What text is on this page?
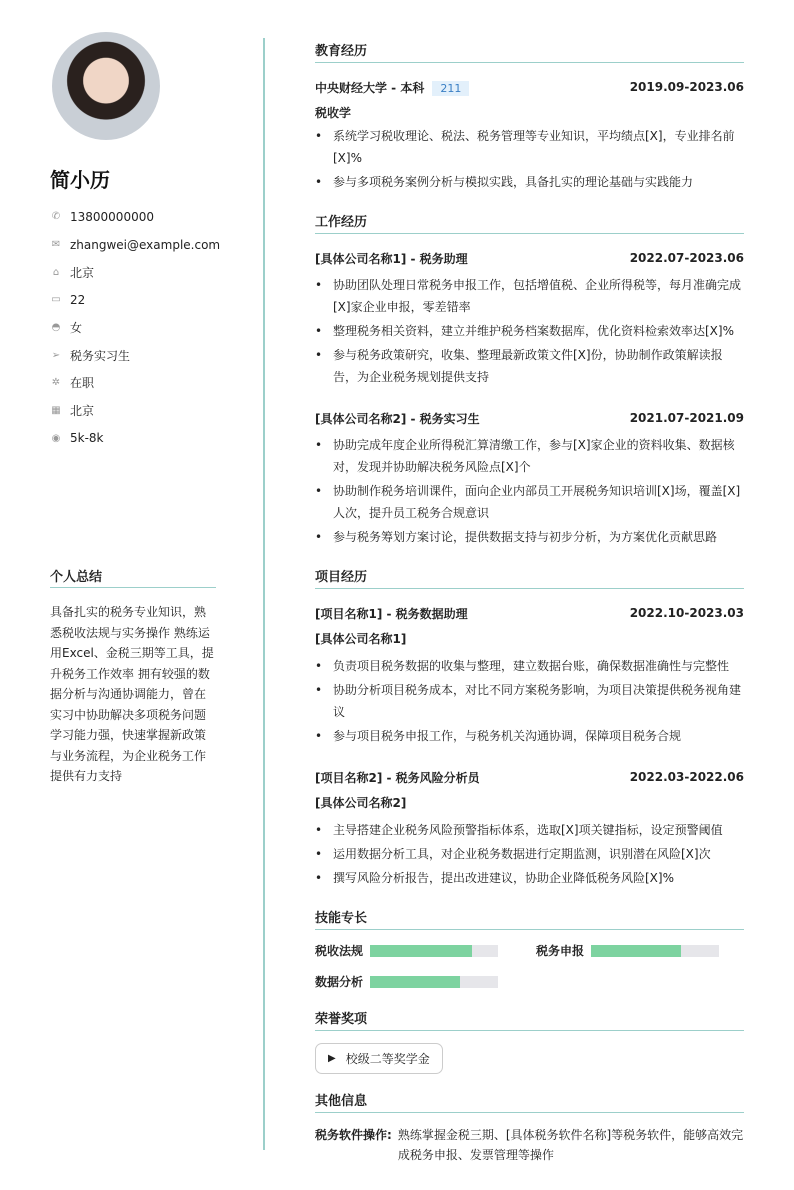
简小历
✆ 13800000000
✉ zhangwei@example.com
⌂ 北京
▭ 22
◓ 女
➢ 税务实习生
✲ 在职
▦ 北京
◉ 5k-8k
个人总结
具备扎实的税务专业知识，熟悉税收法规与实务操作 熟练运用Excel、金税三期等工具，提升税务工作效率 拥有较强的数据分析与沟通协调能力，曾在实习中协助解决多项税务问题 学习能力强，快速掌握新政策与业务流程，为企业税务工作提供有力支持
教育经历
中央财经大学 - 本科 211	2019.09-2023.06
税收学
• 系统学习税收理论、税法、税务管理等专业知识，平均绩点[X]，专业排名前[X]%
• 参与多项税务案例分析与模拟实践，具备扎实的理论基础与实践能力
工作经历
[具体公司名称1] - 税务助理	2022.07-2023.06
• 协助团队处理日常税务申报工作，包括增值税、企业所得税等，每月准确完成[X]家企业申报，零差错率
• 整理税务相关资料，建立并维护税务档案数据库，优化资料检索效率达[X]%
• 参与税务政策研究，收集、整理最新政策文件[X]份，协助制作政策解读报告，为企业税务规划提供支持
[具体公司名称2] - 税务实习生	2021.07-2021.09
• 协助完成年度企业所得税汇算清缴工作，参与[X]家企业的资料收集、数据核对，发现并协助解决税务风险点[X]个
• 协助制作税务培训课件，面向企业内部员工开展税务知识培训[X]场，覆盖[X]人次，提升员工税务合规意识
• 参与税务筹划方案讨论，提供数据支持与初步分析，为方案优化贡献思路
项目经历
[项目名称1] - 税务数据助理	2022.10-2023.03
[具体公司名称1]
• 负责项目税务数据的收集与整理，建立数据台账，确保数据准确性与完整性
• 协助分析项目税务成本，对比不同方案税务影响，为项目决策提供税务视角建议
• 参与项目税务申报工作，与税务机关沟通协调，保障项目税务合规
[项目名称2] - 税务风险分析员	2022.03-2022.06
[具体公司名称2]
• 主导搭建企业税务风险预警指标体系，选取[X]项关键指标，设定预警阈值
• 运用数据分析工具，对企业税务数据进行定期监测，识别潜在风险[X]次
• 撰写风险分析报告，提出改进建议，协助企业降低税务风险[X]%
技能专长
税收法规	税务申报
数据分析
荣誉奖项
▶ 校级二等奖学金
其他信息
税务软件操作: 熟练掌握金税三期、[具体税务软件名称]等税务软件，能够高效完成税务申报、发票管理等操作
